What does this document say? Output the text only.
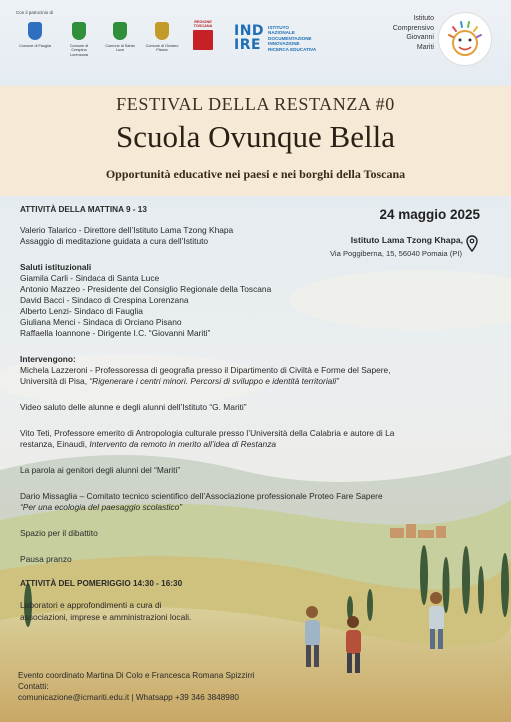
Con il patrocinio di
Comune di Fauglia	Comune di Crespina Lorenzana
Comune di Santa Luce
Comune di Orciano Pisano
REGIONE TOSCANA IND
IRE
ISTITUTO
NAZIONALE
DOCUMENTAZIONE
INNOVAZIONE
RICERCA EDUCATIVA
Istituto
Comprensivo
Giovanni
Mariti
FESTIVAL DELLA RESTANZA #0
Scuola Ovunque Bella
Opportunità educative nei paesi e nei borghi della Toscana
24 maggio 2025
Istituto Lama Tzong Khapa,
Via Poggiberna, 15, 56040 Pomaia (PI)
ATTIVITÀ DELLA MATTINA 9 - 13
Valerio Talarico - Direttore dell’Istituto Lama Tzong Khapa
Assaggio di meditazione guidata a cura dell’Istituto
Saluti istituzionali
Giamila Carli - Sindaca di Santa Luce
Antonio Mazzeo - Presidente del Consiglio Regionale della Toscana
David Bacci - Sindaco di Crespina Lorenzana
Alberto Lenzi- Sindaco di Fauglia
Giuliana Menci - Sindaca di Orciano Pisano
Raffaella Ioannone - Dirigente I.C. “Giovanni Mariti”
Intervengono:
Michela Lazzeroni - Professoressa di geografia presso il Dipartimento di Civiltà e Forme del Sapere,
Università di Pisa, “Rigenerare i centri minori. Percorsi di sviluppo e identità territoriali”
Video saluto delle alunne e degli alunni dell’Istituto “G. Mariti”
Vito Teti, Professore emerito di Antropologia culturale presso l’Università della Calabria e autore di La
restanza, Einaudi, Intervento da remoto in merito all’idea di Restanza
La parola ai genitori degli alunni del “Mariti”
Dario Missaglia – Comitato tecnico scientifico dell’Associazione professionale Proteo Fare Sapere
“Per una ecologia del paesaggio scolastico”
Spazio per il dibattito
Pausa pranzo
ATTIVITÀ DEL POMERIGGIO 14:30 - 16:30
Laboratori e approfondimenti a cura di
associazioni, imprese e amministrazioni locali.
Evento coordinato Martina Di Colo e Francesca Romana Spizzirri
Contatti:
comunicazione@icmariti.edu.it | Whatsapp +39 346 3848980
